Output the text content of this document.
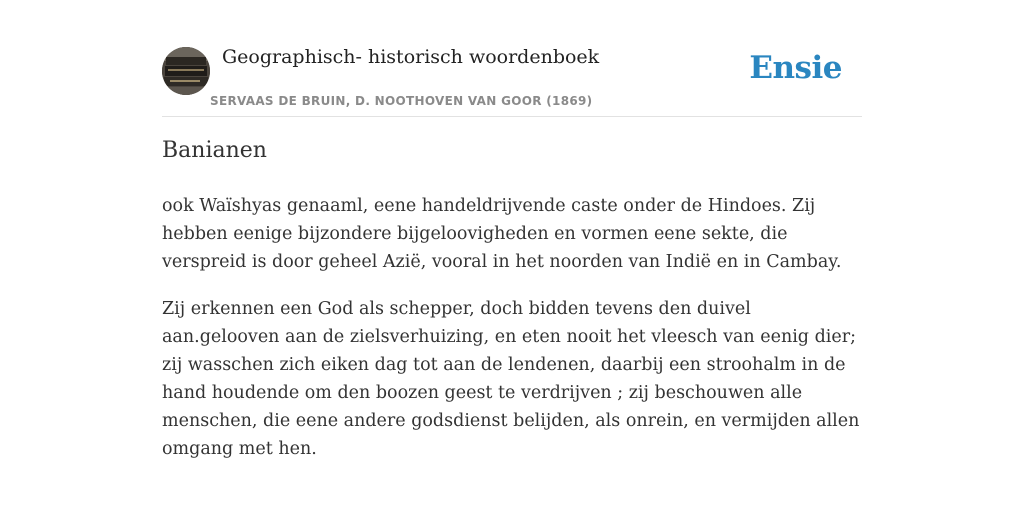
Geographisch- historisch woordenboek
SERVAAS DE BRUIN, D. NOOTHOVEN VAN GOOR (1869)
Ensie
Banianen

ook Waïshyas genaaml, eene handeldrijvende caste onder de Hindoes. Zij hebben eenige bijzondere bijgeloovigheden en vormen eene sekte, die verspreid is door geheel Azië, vooral in het noorden van Indië en in Cambay.

Zij erkennen een God als schepper, doch bidden tevens den duivel aan.gelooven aan de zielsverhuizing, en eten nooit het vleesch van eenig dier; zij wasschen zich eiken dag tot aan de lendenen, daarbij een stroohalm in de hand houdende om den boozen geest te verdrijven ; zij beschouwen alle menschen, die eene andere godsdienst belijden, als onrein, en vermijden allen omgang met hen.
